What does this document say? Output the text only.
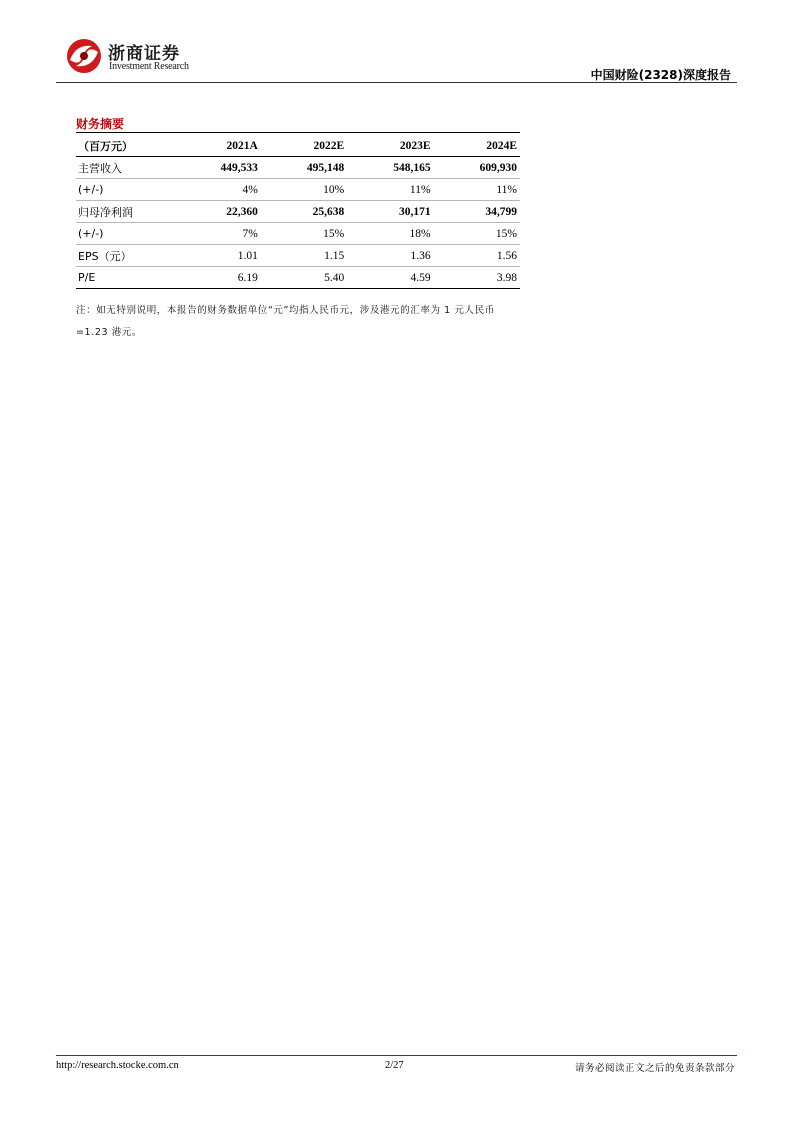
浙商证券
Investment Research
中国财险(2328)深度报告
财务摘要
（百万元）	2021A	2022E	2023E	2024E
主营收入	449,533	495,148	548,165	609,930
(+/-)	4%	10%	11%	11%
归母净利润	22,360	25,638	30,171	34,799
(+/-)	7%	15%	18%	15%
EPS（元）	1.01	1.15	1.36	1.56
P/E	6.19	5.40	4.59	3.98
注：如无特别说明，本报告的财务数据单位“元”均指人民币元，涉及港元的汇率为 1 元人民币
=1.23 港元。
http://research.stocke.com.cn	2/27	请务必阅读正文之后的免责条款部分
